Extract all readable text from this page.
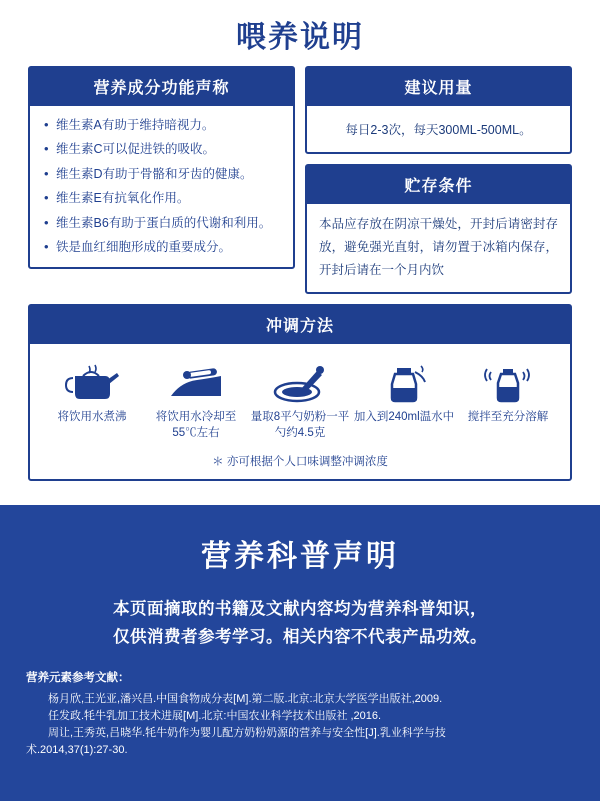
喂养说明
营养成分功能声称
• 维生素A有助于维持暗视力。
• 维生素C可以促进铁的吸收。
• 维生素D有助于骨骼和牙齿的健康。
• 维生素E有抗氧化作用。
• 维生素B6有助于蛋白质的代谢和利用。
• 铁是血红细胞形成的重要成分。
建议用量
每日2-3次，每天300ML-500ML。
贮存条件
本品应存放在阴凉干燥处，开封后请密封存放，避免强光直射，请勿置于冰箱内保存，开封后请在一个月内饮
冲调方法
将饮用水煮沸	将饮用水冷却至55℃左右
量取8平勺奶粉一平勺约4.5克
加入到240ml温水中	搅拌至充分溶解
＊ 亦可根据个人口味调整冲调浓度
营养科普声明
本页面摘取的书籍及文献内容均为营养科普知识，
仅供消费者参考学习。相关内容不代表产品功效。
营养元素参考文献：
杨月欣,王光亚,潘兴昌.中国食物成分表[M].第二版.北京:北京大学医学出版社,2009.
任发政.牦牛乳加工技术进展[M].北京:中国农业科学技术出版社 ,2016.
周让,王秀英,吕晓华.牦牛奶作为婴儿配方奶粉奶源的营养与安全性[J].乳业科学与技
术.2014,37(1):27-30.
